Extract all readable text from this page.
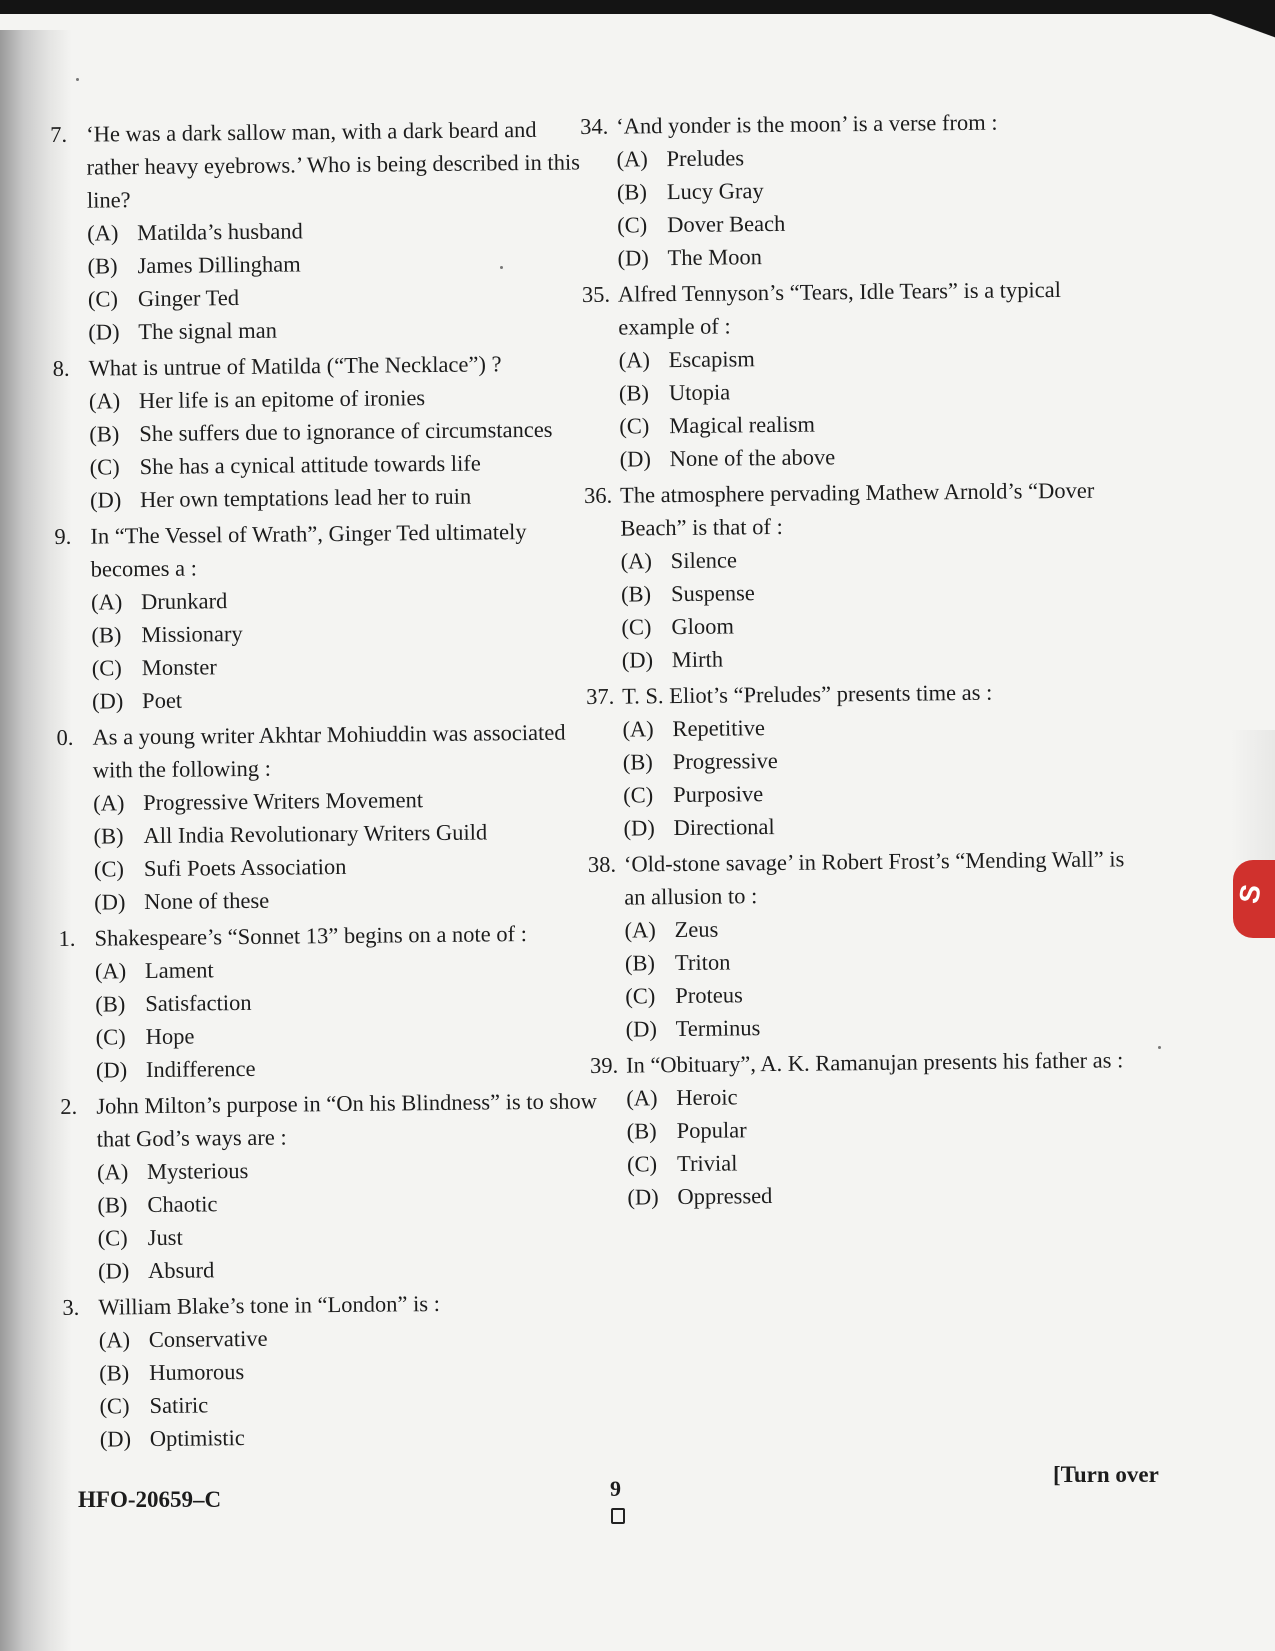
S
7. ‘He was a dark sallow man, with a dark beard and rather heavy eyebrows.’ Who is being described in this line?
(A) Matilda’s husband
(B) James Dillingham
(C) Ginger Ted
(D) The signal man
8. What is untrue of Matilda (“The Necklace”) ?
(A) Her life is an epitome of ironies
(B) She suffers due to ignorance of circumstances
(C) She has a cynical attitude towards life
(D) Her own temptations lead her to ruin
9. In “The Vessel of Wrath”, Ginger Ted ultimately becomes a :
(A) Drunkard
(B) Missionary
(C) Monster
(D) Poet
0. As a young writer Akhtar Mohiuddin was associated with the following :
(A) Progressive Writers Movement
(B) All India Revolutionary Writers Guild
(C) Sufi Poets Association
(D) None of these
1. Shakespeare’s “Sonnet 13” begins on a note of :
(A) Lament
(B) Satisfaction
(C) Hope
(D) Indifference
2. John Milton’s purpose in “On his Blindness” is to show that God’s ways are :
(A) Mysterious
(B) Chaotic
(C) Just
(D) Absurd
3. William Blake’s tone in “London” is :
(A) Conservative
(B) Humorous
(C) Satiric
(D) Optimistic
34. ‘And yonder is the moon’ is a verse from :
(A) Preludes
(B) Lucy Gray
(C) Dover Beach
(D) The Moon
35. Alfred Tennyson’s “Tears, Idle Tears” is a typical example of :
(A) Escapism
(B) Utopia
(C) Magical realism
(D) None of the above
36. The atmosphere pervading Mathew Arnold’s “Dover Beach” is that of :
(A) Silence
(B) Suspense
(C) Gloom
(D) Mirth
37. T. S. Eliot’s “Preludes” presents time as :
(A) Repetitive
(B) Progressive
(C) Purposive
(D) Directional
38. ‘Old-stone savage’ in Robert Frost’s “Mending Wall” is an allusion to :
(A) Zeus
(B) Triton
(C) Proteus
(D) Terminus
39. In “Obituary”, A. K. Ramanujan presents his father as :
(A) Heroic
(B) Popular
(C) Trivial
(D) Oppressed
HFO-20659–C	9
[Turn over
